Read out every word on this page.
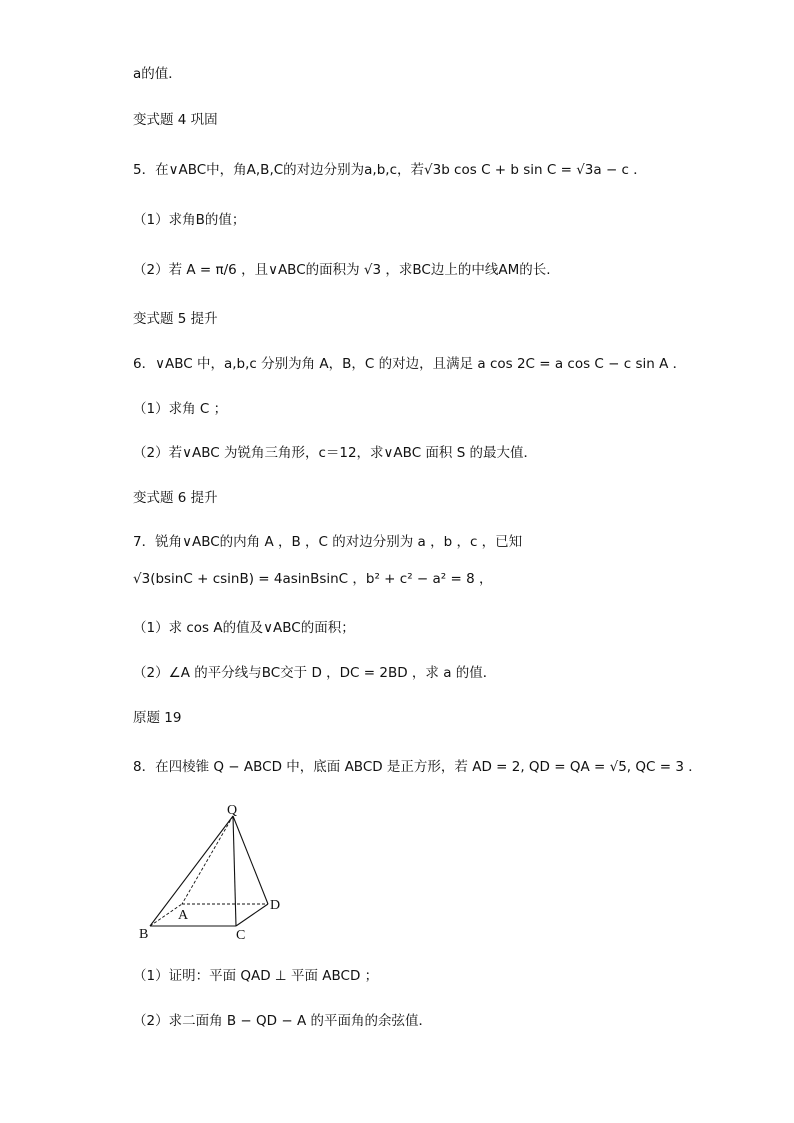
a的值．
变式题 4 巩固
5．在∨ABC中，角A,B,C的对边分别为a,b,c，若√3b cos C + b sin C = √3a − c ．
（1）求角B的值；
（2）若 A = π/6 ，且∨ABC的面积为 √3 ，求BC边上的中线AM的长.
变式题 5 提升
6．∨ABC 中，a,b,c 分别为角 A，B，C 的对边，且满足 a cos 2C = a cos C − c sin A ．
（1）求角 C ；
（2）若∨ABC 为锐角三角形，c＝12，求∨ABC 面积 S 的最大值．
变式题 6 提升
7．锐角∨ABC的内角 A ，B ，C 的对边分别为 a ，b ，c ，已知
√3(bsinC + csinB) = 4asinBsinC ，b² + c² − a² = 8 ，
（1）求 cos A的值及∨ABC的面积；
（2）∠A 的平分线与BC交于 D ，DC = 2BD ，求 a 的值．
原题 19
8．在四棱锥 Q − ABCD 中，底面 ABCD 是正方形，若 AD = 2, QD = QA = √5, QC = 3 ．
Q
A
B	C
D
（1）证明：平面 QAD ⊥ 平面 ABCD ；
（2）求二面角 B − QD − A 的平面角的余弦值．
